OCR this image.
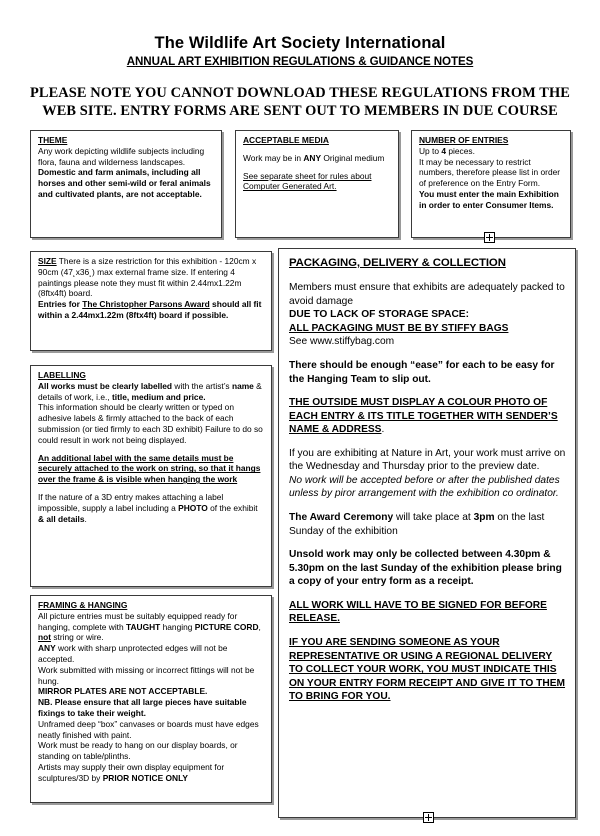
The Wildlife Art Society International
ANNUAL ART EXHIBITION REGULATIONS & GUIDANCE NOTES
PLEASE NOTE YOU CANNOT DOWNLOAD THESE REGULATIONS FROM THE WEB SITE. ENTRY FORMS ARE SENT OUT TO MEMBERS IN DUE COURSE

THEME

Any work depicting wildlife subjects including flora, fauna and wilderness landscapes.

Domestic and farm animals, including all horses and other semi-wild or feral animals and cultivated plants, are not acceptable.

ACCEPTABLE MEDIA

Work may be in ANY Original medium

See separate sheet for rules about Computer Generated Art.

NUMBER OF ENTRIES

Up to 4 pieces.

It may be necessary to restrict numbers, therefore please list in order of preference on the Entry Form.

You must enter the main Exhibition in order to enter Consumer Items.

SIZE There is a size restriction for this exhibition - 120cm x 90cm (47˛x36˛) max external frame size. If entering 4 paintings please note they must fit within 2.44mx1.22m (8ftx4ft) board.

Entries for The Christopher Parsons Award should all fit within a 2.44mx1.22m (8ftx4ft) board if possible.

LABELLING

All works must be clearly labelled with the artist’s name & details of work, i.e., title, medium and price.

This information should be clearly written or typed on adhesive labels & firmly attached to the back of each submission (or tied firmly to each 3D exhibit) Failure to do so could result in work not being displayed.

An additional label with the same details must be securely attached to the work on string, so that it hangs over the frame & is visible when hanging the work

If the nature of a 3D entry makes attaching a label impossible, supply a label including a PHOTO of the exhibit & all details.

FRAMING & HANGING

All picture entries must be suitably equipped ready for hanging, complete with TAUGHT hanging PICTURE CORD, not string or wire.

ANY work with sharp unprotected edges will not be accepted.

Work submitted with missing or incorrect fittings will not be hung.

MIRROR PLATES ARE NOT ACCEPTABLE.

NB. Please ensure that all large pieces have suitable fixings to take their weight.

Unframed deep “box” canvases or boards must have edges neatly finished with paint.

Work must be ready to hang on our display boards, or standing on table/plinths.

Artists may supply their own display equipment for sculptures/3D by PRIOR NOTICE ONLY

PACKAGING, DELIVERY & COLLECTION

Members must ensure that exhibits are adequately packed to avoid damage

DUE TO LACK OF STORAGE SPACE:

ALL PACKAGING MUST BE BY STIFFY BAGS

See www.stiffybag.com

There should be enough “ease” for each to be easy for the Hanging Team to slip out.

THE OUTSIDE MUST DISPLAY A COLOUR PHOTO OF EACH ENTRY & ITS TITLE TOGETHER WITH SENDER’S NAME & ADDRESS.

If you are exhibiting at Nature in Art, your work must arrive on the Wednesday and Thursday prior to the preview date.

No work will be accepted before or after the published dates unless by piror arrangement with the exhibition co ordinator.

The Award Ceremony will take place at 3pm on the last Sunday of the exhibition

Unsold work may only be collected between 4.30pm & 5.30pm on the last Sunday of the exhibition please bring a copy of your entry form as a receipt.

ALL WORK WILL HAVE TO BE SIGNED FOR BEFORE RELEASE.

IF YOU ARE SENDING SOMEONE AS YOUR REPRESENTATIVE OR USING A REGIONAL DELIVERY TO COLLECT YOUR WORK, YOU MUST INDICATE THIS ON YOUR ENTRY FORM RECEIPT AND GIVE IT TO THEM TO BRING FOR YOU.
